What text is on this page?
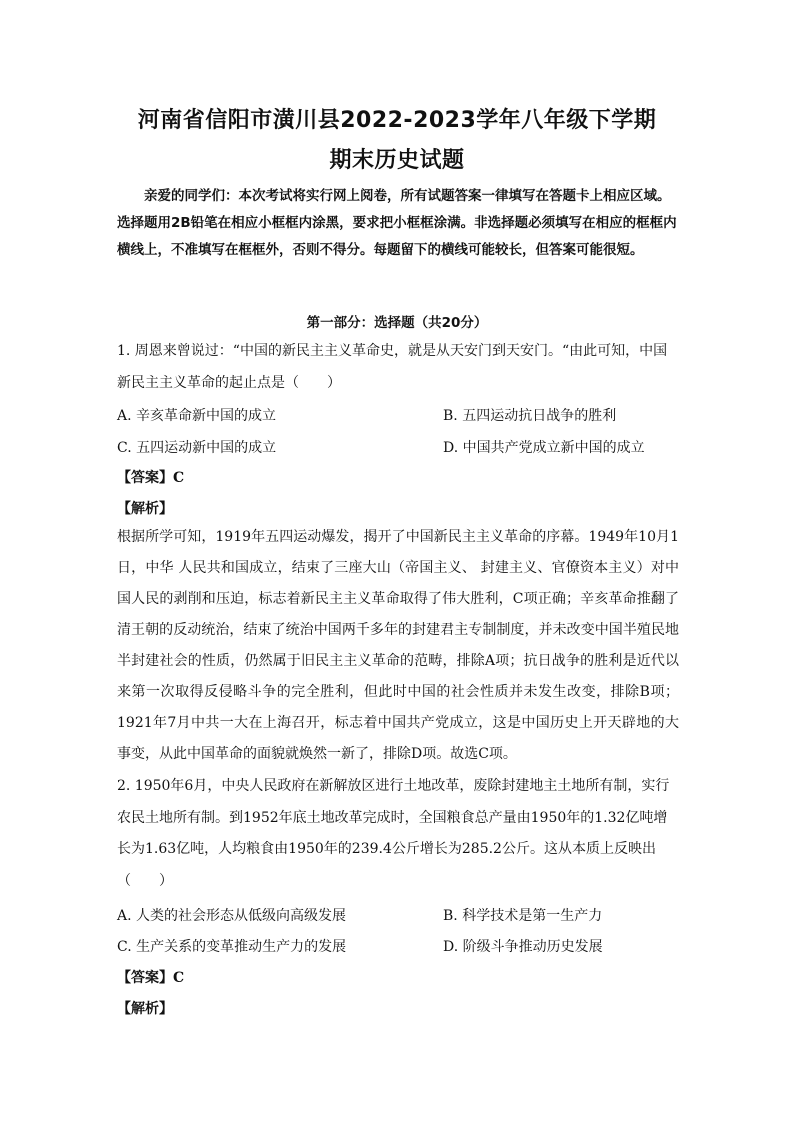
河南省信阳市潢川县2022-2023学年八年级下学期
期末历史试题
亲爱的同学们：本次考试将实行网上阅卷，所有试题答案一律填写在答题卡上相应区域。选择题用2B铅笔在相应小框框内涂黑，要求把小框框涂满。非选择题必须填写在相应的框框内横线上，不准填写在框框外，否则不得分。每题留下的横线可能较长，但答案可能很短。
第一部分：选择题（共20分）
1. 周恩来曾说过：“中国的新民主主义革命史，就是从天安门到天安门。“由此可知，中国新民主主义革命的起止点是（　　）
A. 辛亥革命新中国的成立	B. 五四运动抗日战争的胜利
C. 五四运动新中国的成立	D. 中国共产党成立新中国的成立
【答案】C
【解析】
根据所学可知，1919年五四运动爆发，揭开了中国新民主主义革命的序幕。1949年10月1日，中华 人民共和国成立，结束了三座大山（帝国主义、 封建主义、官僚资本主义）对中国人民的剥削和压迫，标志着新民主主义革命取得了伟大胜利，C项正确；辛亥革命推翻了清王朝的反动统治，结束了统治中国两千多年的封建君主专制制度，并未改变中国半殖民地半封建社会的性质，仍然属于旧民主主义革命的范畴，排除A项；抗日战争的胜利是近代以来第一次取得反侵略斗争的完全胜利，但此时中国的社会性质并未发生改变，排除B项；1921年7月中共一大在上海召开，标志着中国共产党成立，这是中国历史上开天辟地的大事变，从此中国革命的面貌就焕然一新了，排除D项。故选C项。
2. 1950年6月，中央人民政府在新解放区进行土地改革，废除封建地主土地所有制，实行农民土地所有制。到1952年底土地改革完成时，全国粮食总产量由1950年的1.32亿吨增长为1.63亿吨，人均粮食由1950年的239.4公斤增长为285.2公斤。这从本质上反映出（　　）
A. 人类的社会形态从低级向高级发展	B. 科学技术是第一生产力
C. 生产关系的变革推动生产力的发展	D. 阶级斗争推动历史发展
【答案】C
【解析】
